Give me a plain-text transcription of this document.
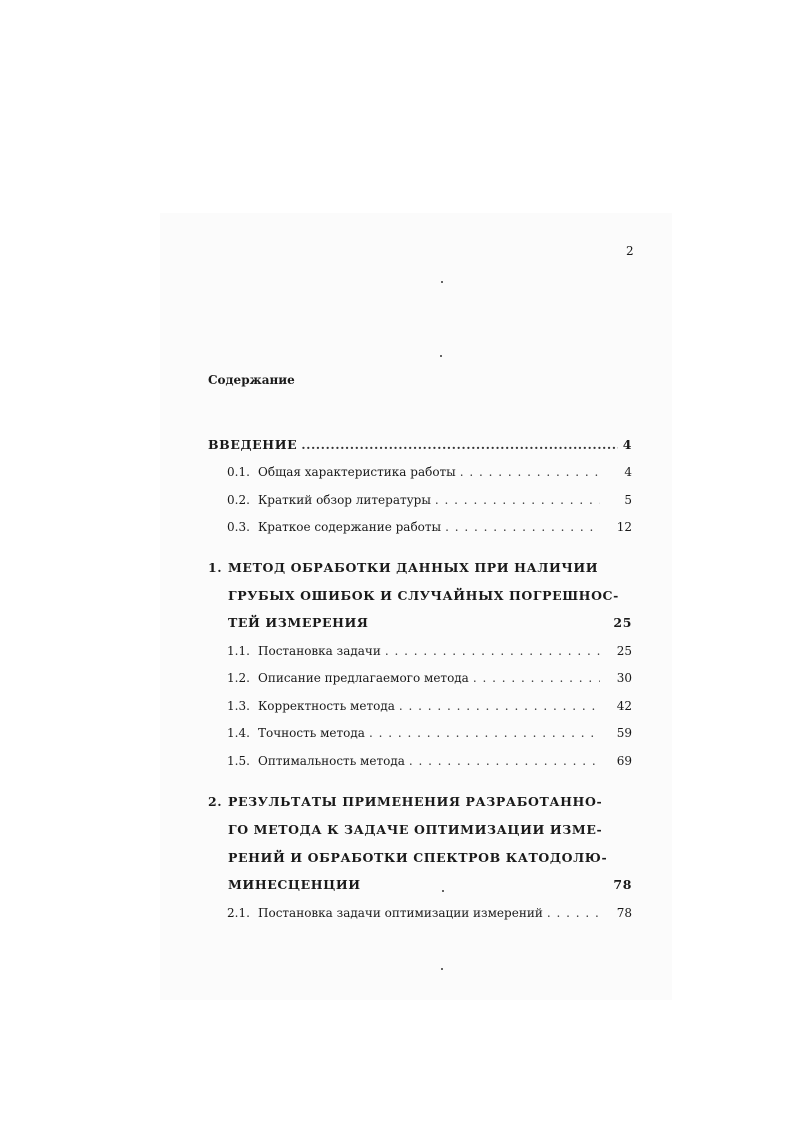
2
Содержание
ВВЕДЕНИЕ .....	4
0.1. Общая характеристика работы . . .	4
0.2. Краткий обзор литературы . . .	5
0.3. Краткое содержание работы . . .	12
1. МЕТОД ОБРАБОТКИ ДАННЫХ ПРИ НАЛИЧИИ
ГРУБЫХ ОШИБОК И СЛУЧАЙНЫХ ПОГРЕШНОС-
ТЕЙ ИЗМЕРЕНИЯ	25
1.1. Постановка задачи . . .	25
1.2. Описание предлагаемого метода . . .	30
1.3. Корректность метода . . .	42
1.4. Точность метода . . .	59
1.5. Оптимальность метода . . .	69
2. РЕЗУЛЬТАТЫ ПРИМЕНЕНИЯ РАЗРАБОТАННО-
ГО МЕТОДА К ЗАДАЧЕ ОПТИМИЗАЦИИ ИЗМЕ-
РЕНИЙ И ОБРАБОТКИ СПЕКТРОВ КАТОДОЛЮ-
МИНЕСЦЕНЦИИ	78
2.1. Постановка задачи оптимизации измерений . . .	78
